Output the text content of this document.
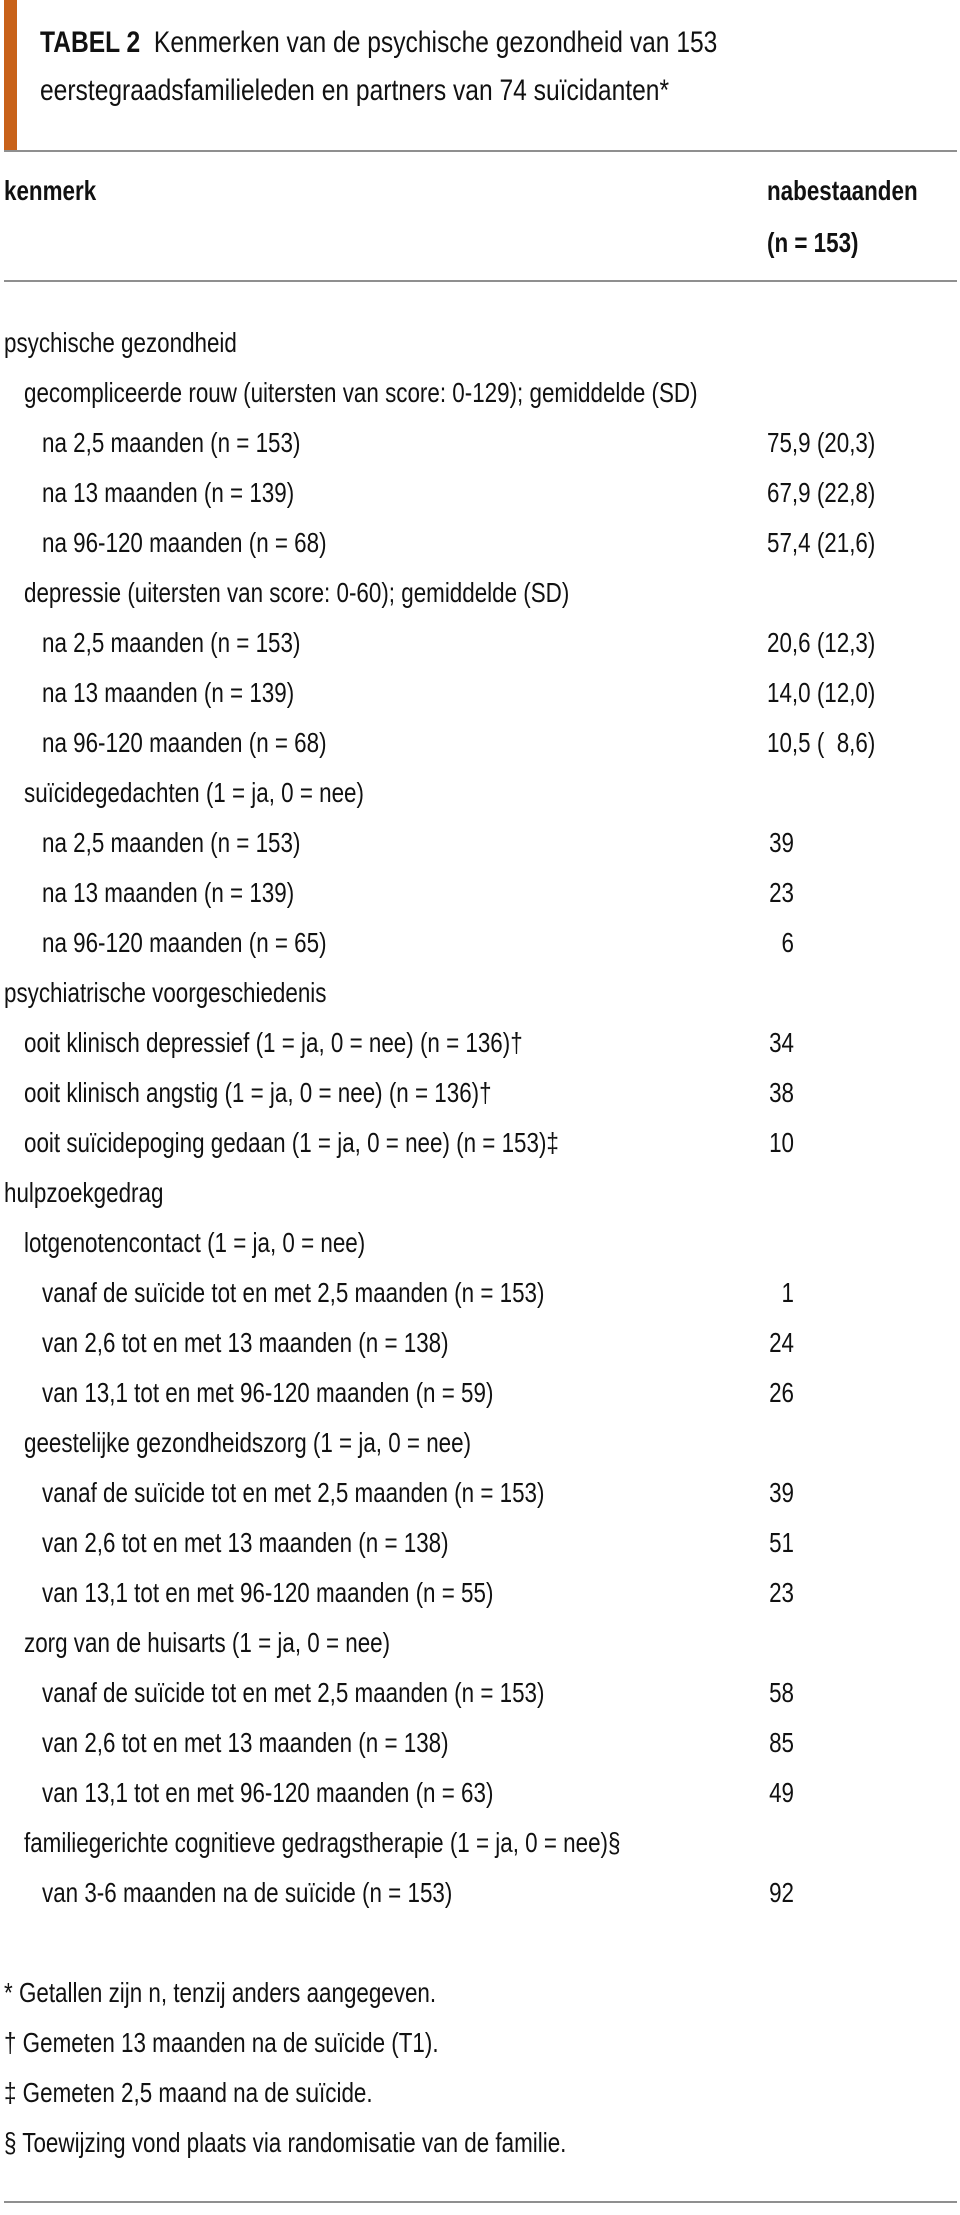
TABEL 2 Kenmerken van de psychische gezondheid van 153
eerstegraadsfamilieleden en partners van 74 suïcidanten*
kenmerk	nabestaanden
(n = 153)
psychische gezondheid
gecompliceerde rouw (uitersten van score: 0-129); gemiddelde (SD)
na 2,5 maanden (n = 153)	75,9 (20,3)
na 13 maanden (n = 139)	67,9 (22,8)
na 96-120 maanden (n = 68)	57,4 (21,6)
depressie (uitersten van score: 0-60); gemiddelde (SD)
na 2,5 maanden (n = 153)	20,6 (12,3)
na 13 maanden (n = 139)	14,0 (12,0)
na 96-120 maanden (n = 68)	10,5 (  8,6)
suïcidegedachten (1 = ja, 0 = nee)
na 2,5 maanden (n = 153)	39
na 13 maanden (n = 139)	23
na 96-120 maanden (n = 65)	6
psychiatrische voorgeschiedenis
ooit klinisch depressief (1 = ja, 0 = nee) (n = 136)†	34
ooit klinisch angstig (1 = ja, 0 = nee) (n = 136)†	38
ooit suïcidepoging gedaan (1 = ja, 0 = nee) (n = 153)‡	10
hulpzoekgedrag
lotgenotencontact (1 = ja, 0 = nee)
vanaf de suïcide tot en met 2,5 maanden (n = 153)	1
van 2,6 tot en met 13 maanden (n = 138)	24
van 13,1 tot en met 96-120 maanden (n = 59)	26
geestelijke gezondheidszorg (1 = ja, 0 = nee)
vanaf de suïcide tot en met 2,5 maanden (n = 153)	39
van 2,6 tot en met 13 maanden (n = 138)	51
van 13,1 tot en met 96-120 maanden (n = 55)	23
zorg van de huisarts (1 = ja, 0 = nee)
vanaf de suïcide tot en met 2,5 maanden (n = 153)	58
van 2,6 tot en met 13 maanden (n = 138)	85
van 13,1 tot en met 96-120 maanden (n = 63)	49
familiegerichte cognitieve gedragstherapie (1 = ja, 0 = nee)§
van 3-6 maanden na de suïcide (n = 153)	92
* Getallen zijn n, tenzij anders aangegeven.
† Gemeten 13 maanden na de suïcide (T1).
‡ Gemeten 2,5 maand na de suïcide.
§ Toewijzing vond plaats via randomisatie van de familie.
